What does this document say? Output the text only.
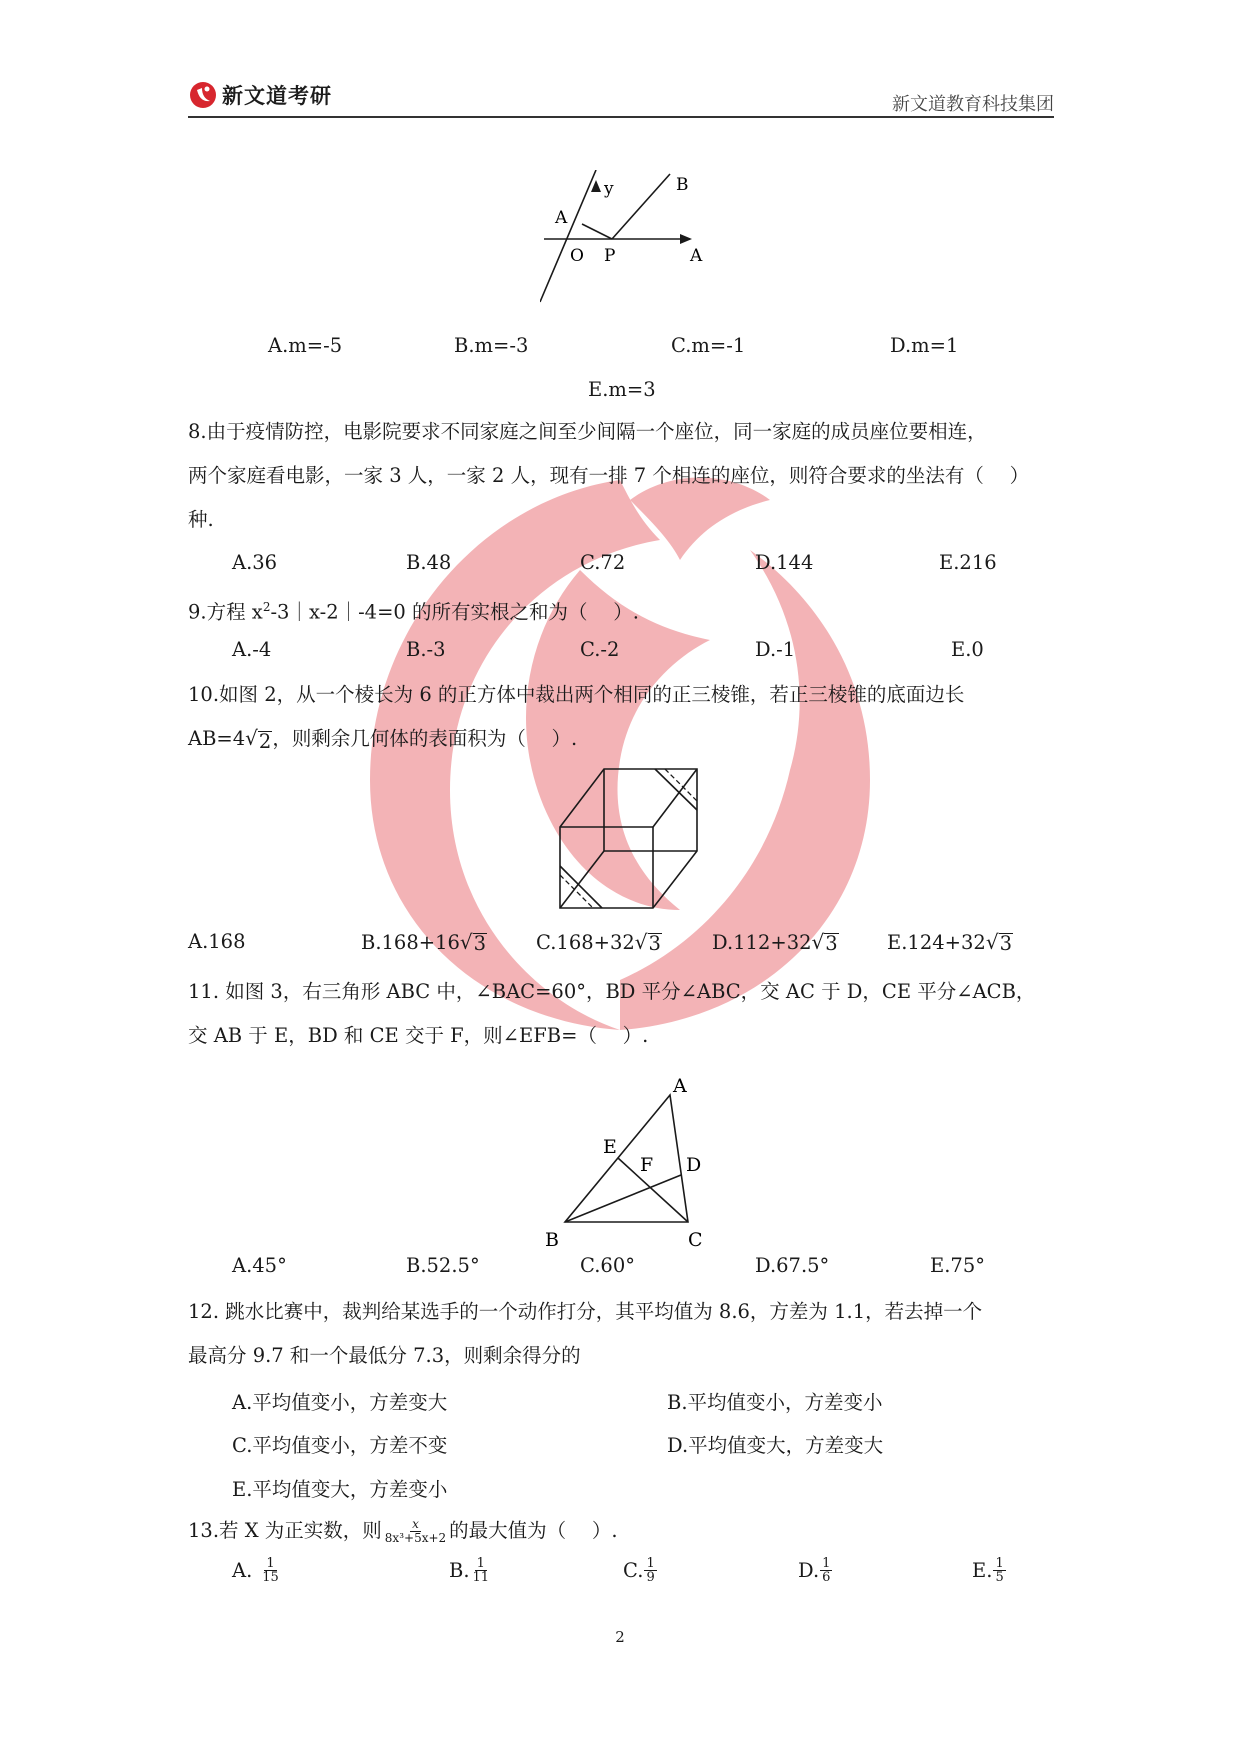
新文道考研	新文道教育科技集团
y	B
A
A
O P
A.m=-5	B.m=-3	C.m=-1	D.m=1
E.m=3
8.由于疫情防控，电影院要求不同家庭之间至少间隔一个座位，同一家庭的成员座位要相连，
两个家庭看电影，一家 3 人，一家 2 人，现有一排 7 个相连的座位，则符合要求的坐法有（　 ）
种.
A.36	B.48	C.72	D.144	E.216
9.方程 $x^2-3|x-2|-4=0$ 的所有实根之和为（　 ）.
A.-4	B.-3	C.-2	D.-1	E.0
10.如图 2，从一个棱长为 6 的正方体中裁出两个相同的正三棱锥，若正三棱锥的底面边长
AB=4 √ 2 ，则剩余几何体的表面积为（　 ）.
A.168	B.168+16 √ 3	C.168+32 √ 3	D.112+32 √ 3	E.124+32 √ 3
11. 如图 3，右三角形 ABC 中，∠BAC=60°，BD 平分∠ABC，交 AC 于 D，CE 平分∠ACB，
交 AB 于 E，BD 和 CE 交于 F，则∠EFB=（　 ）.
A
B	C
D
E
F
A.45°	B.52.5°	C.60°	D.67.5°	E.75°
12. 跳水比赛中，裁判给某选手的一个动作打分，其平均值为 8.6，方差为 1.1，若去掉一个
最高分 9.7 和一个最低分 7.3，则剩余得分的
A.平均值变小，方差变大	B.平均值变小，方差变小
C.平均值变小，方差不变	D.平均值变大，方差变大
E.平均值变大，方差变小
13.若 X 为正实数，则 $\frac{x}{\text{8x³+5x+2}}$ 的最大值为（　 ）.
A. $\frac{1}{15}$	B. $\frac{1}{11}$	C. $\frac{1}{9}$	D. $\frac{1}{6}$	E. $\frac{1}{5}$
2
